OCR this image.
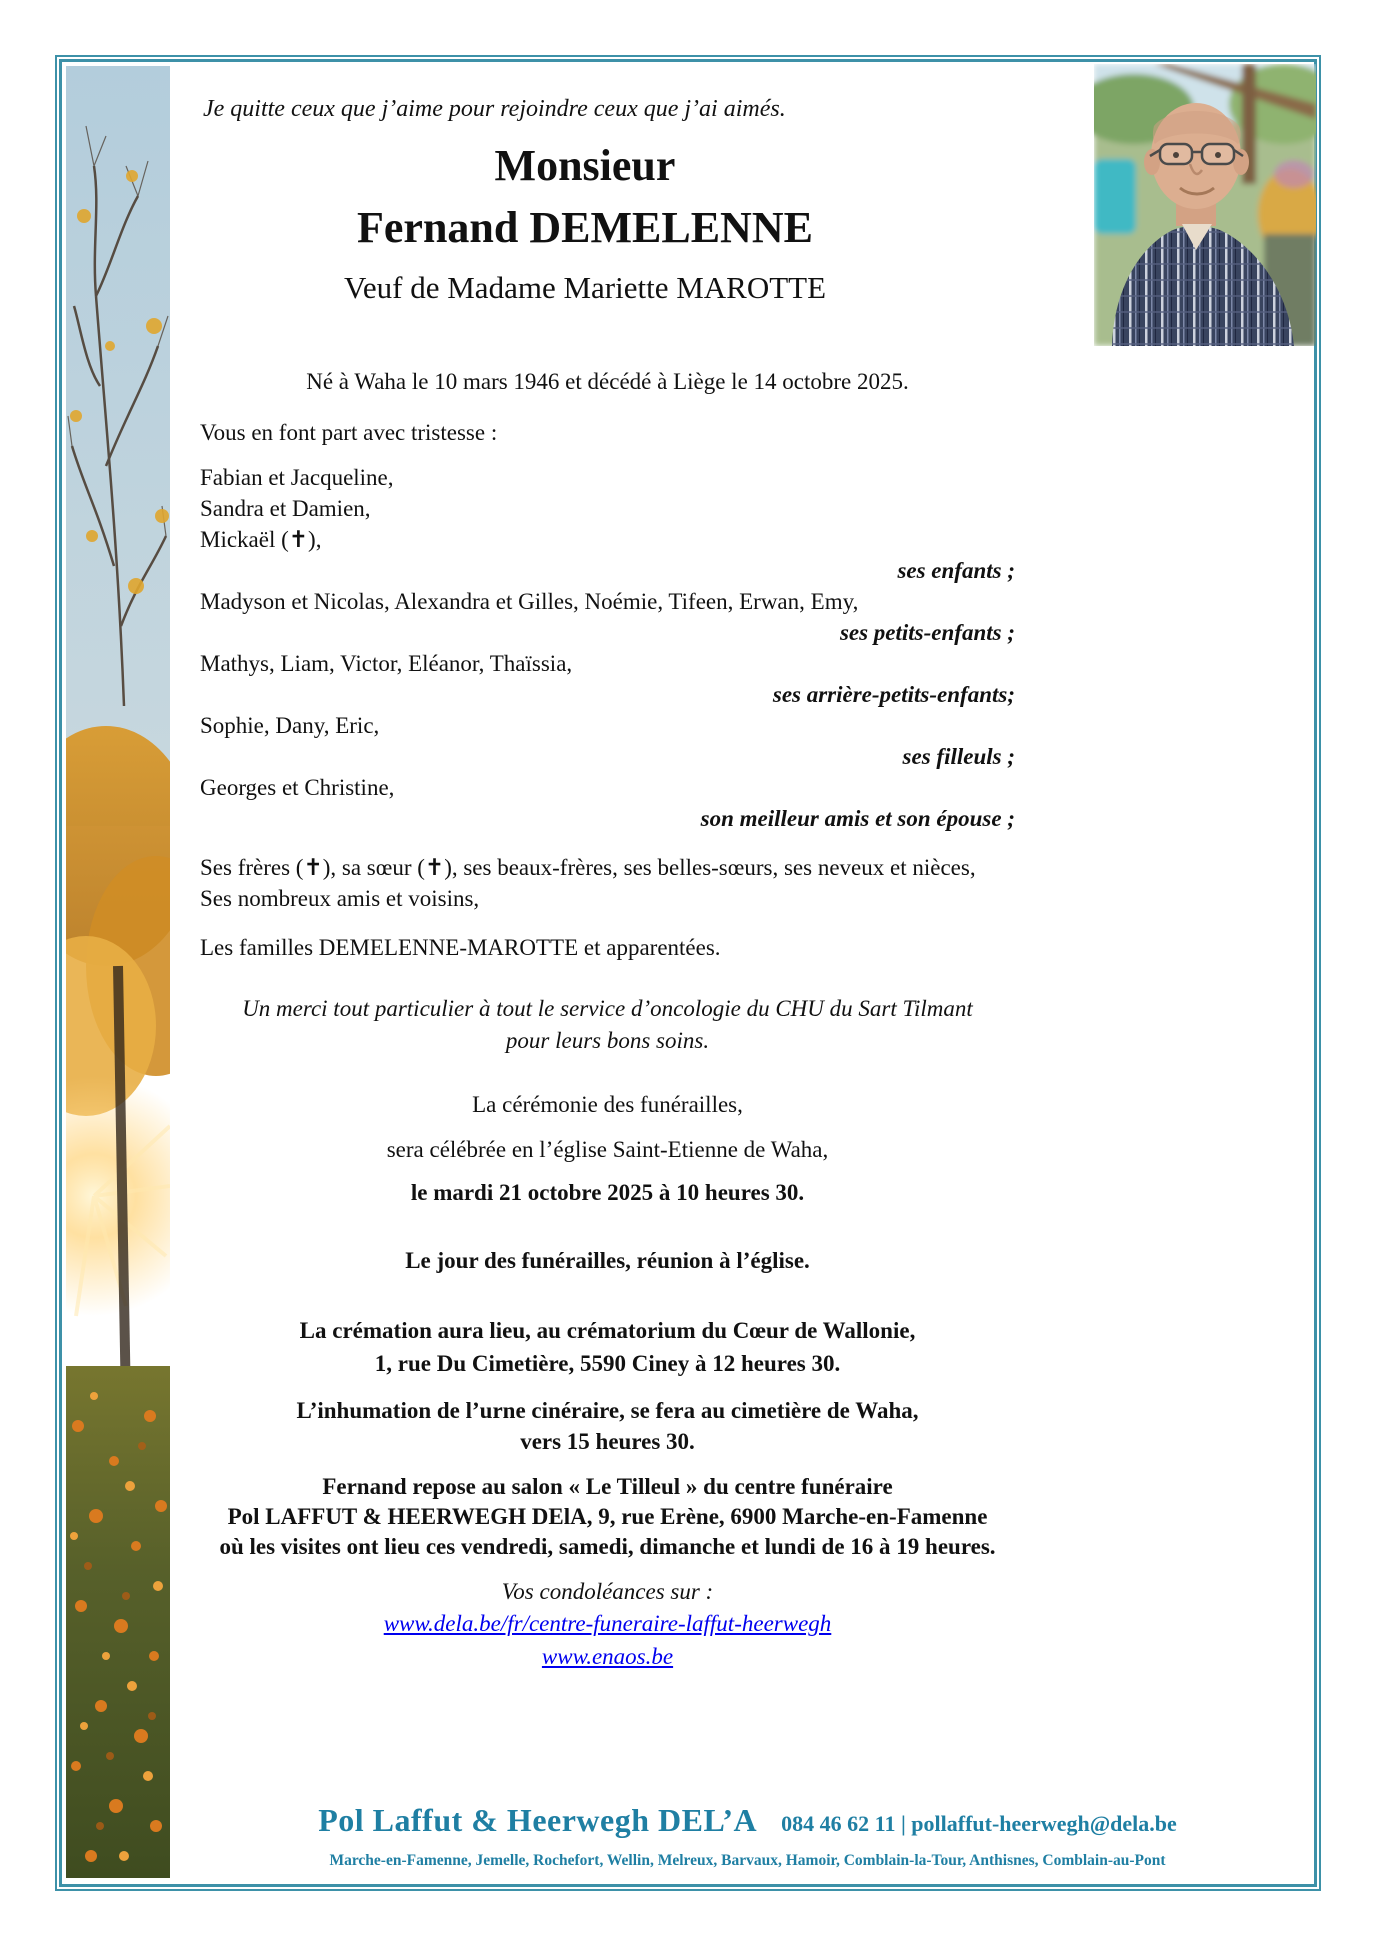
Je quitte ceux que j’aime pour rejoindre ceux que j’ai aimés.
Monsieur
Fernand DEMELENNE
Veuf de Madame Mariette MAROTTE
Né à Waha le 10 mars 1946 et décédé à Liège le 14 octobre 2025.
Vous en font part avec tristesse :
Fabian et Jacqueline,
Sandra et Damien,
Mickaël (✝),
ses enfants ;
Madyson et Nicolas, Alexandra et Gilles, Noémie, Tifeen, Erwan, Emy,
ses petits-enfants ;
Mathys, Liam, Victor, Eléanor, Thaïssia,
ses arrière-petits-enfants;
Sophie, Dany, Eric,
ses filleuls ;
Georges et Christine,
son meilleur amis et son épouse ;
Ses frères (✝), sa sœur (✝), ses beaux-frères, ses belles-sœurs, ses neveux et nièces,
Ses nombreux amis et voisins,
Les familles DEMELENNE-MAROTTE et apparentées.
Un merci tout particulier à tout le service d’oncologie du CHU du Sart Tilmant
pour leurs bons soins.
La cérémonie des funérailles,
sera célébrée en l’église Saint-Etienne de Waha,
le mardi 21 octobre 2025 à 10 heures 30.
Le jour des funérailles, réunion à l’église.
La crémation aura lieu, au crématorium du Cœur de Wallonie,
1, rue Du Cimetière, 5590 Ciney à 12 heures 30.
L’inhumation de l’urne cinéraire, se fera au cimetière de Waha,
vers 15 heures 30.
Fernand repose au salon « Le Tilleul » du centre funéraire
Pol LAFFUT & HEERWEGH DElA, 9, rue Erène, 6900 Marche-en-Famenne
où les visites ont lieu ces vendredi, samedi, dimanche et lundi de 16 à 19 heures.
Vos condoléances sur :
www.dela.be/fr/centre-funeraire-laffut-heerwegh
www.enaos.be
Pol Laffut & Heerwegh DEL’A 084 46 62 11 | pollaffut-heerwegh@dela.be
Marche-en-Famenne, Jemelle, Rochefort, Wellin, Melreux, Barvaux, Hamoir, Comblain-la-Tour, Anthisnes, Comblain-au-Pont
